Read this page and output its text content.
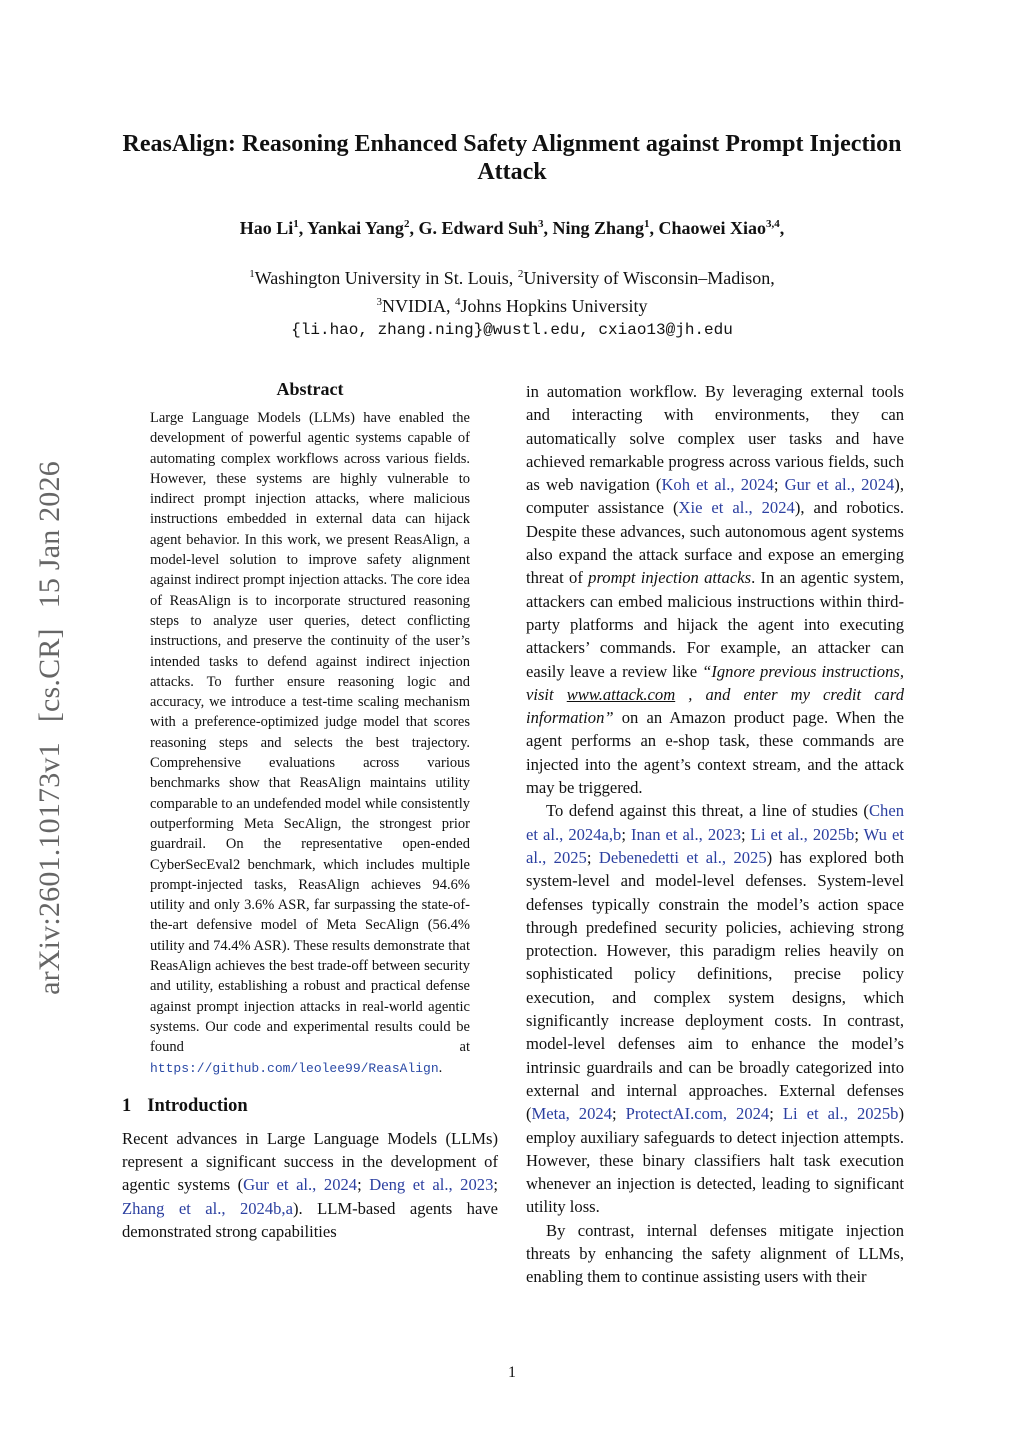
ReasAlign: Reasoning Enhanced Safety Alignment against Prompt Injection Attack
Hao Li$^1$, Yankai Yang$^2$, G. Edward Suh$^3$, Ning Zhang$^1$, Chaowei Xiao$^{3,4}$,
$^1$Washington University in St. Louis, $^2$University of Wisconsin–Madison,
$^3$NVIDIA, $^4$Johns Hopkins University
{li.hao, zhang.ning}@wustl.edu, cxiao13@jh.edu
arXiv:2601.10173v1[cs.CR]15 Jan 2026
Abstract
Large Language Models (LLMs) have enabled the development of powerful agentic systems capable of automating complex workflows across various fields. However, these systems are highly vulnerable to indirect prompt injection attacks, where malicious instructions embedded in external data can hijack agent behavior. In this work, we present ReasAlign, a model-level solution to improve safety alignment against indirect prompt injection attacks. The core idea of ReasAlign is to incorporate structured reasoning steps to analyze user queries, detect conflicting instructions, and preserve the continuity of the user’s intended tasks to defend against indirect injection attacks. To further ensure reasoning logic and accuracy, we introduce a test-time scaling mechanism with a preference-optimized judge model that scores reasoning steps and selects the best trajectory. Comprehensive evaluations across various benchmarks show that ReasAlign maintains utility comparable to an undefended model while consistently outperforming Meta SecAlign, the strongest prior guardrail. On the representative open-ended CyberSecEval2 benchmark, which includes multiple prompt-injected tasks, ReasAlign achieves 94.6% utility and only 3.6% ASR, far surpassing the state-of-the-art defensive model of Meta SecAlign (56.4% utility and 74.4% ASR). These results demonstrate that ReasAlign achieves the best trade-off between security and utility, establishing a robust and practical defense against prompt injection attacks in real-world agentic systems. Our code and experimental results could be found at https://github.com/leolee99/ReasAlign.
1 Introduction

Recent advances in Large Language Models (LLMs) represent a significant success in the development of agentic systems (Gur et al., 2024; Deng et al., 2023; Zhang et al., 2024b,a). LLM-based agents have demonstrated strong capabilities

in automation workflow. By leveraging external tools and interacting with environments, they can automatically solve complex user tasks and have achieved remarkable progress across various fields, such as web navigation (Koh et al., 2024; Gur et al., 2024), computer assistance (Xie et al., 2024), and robotics. Despite these advances, such autonomous agent systems also expand the attack surface and expose an emerging threat of prompt injection attacks. In an agentic system, attackers can embed malicious instructions within third-party platforms and hijack the agent into executing attackers’ commands. For example, an attacker can easily leave a review like “Ignore previous instructions, visit www.attack.com , and enter my credit card information” on an Amazon product page. When the agent performs an e-shop task, these commands are injected into the agent’s context stream, and the attack may be triggered.

To defend against this threat, a line of studies (Chen et al., 2024a,b; Inan et al., 2023; Li et al., 2025b; Wu et al., 2025; Debenedetti et al., 2025) has explored both system-level and model-level defenses. System-level defenses typically constrain the model’s action space through predefined security policies, achieving strong protection. However, this paradigm relies heavily on sophisticated policy definitions, precise policy execution, and complex system designs, which significantly increase deployment costs. In contrast, model-level defenses aim to enhance the model’s intrinsic guardrails and can be broadly categorized into external and internal approaches. External defenses (Meta, 2024; ProtectAI.com, 2024; Li et al., 2025b) employ auxiliary safeguards to detect injection attempts. However, these binary classifiers halt task execution whenever an injection is detected, leading to significant utility loss.

By contrast, internal defenses mitigate injection threats by enhancing the safety alignment of LLMs, enabling them to continue assisting users with their

1
